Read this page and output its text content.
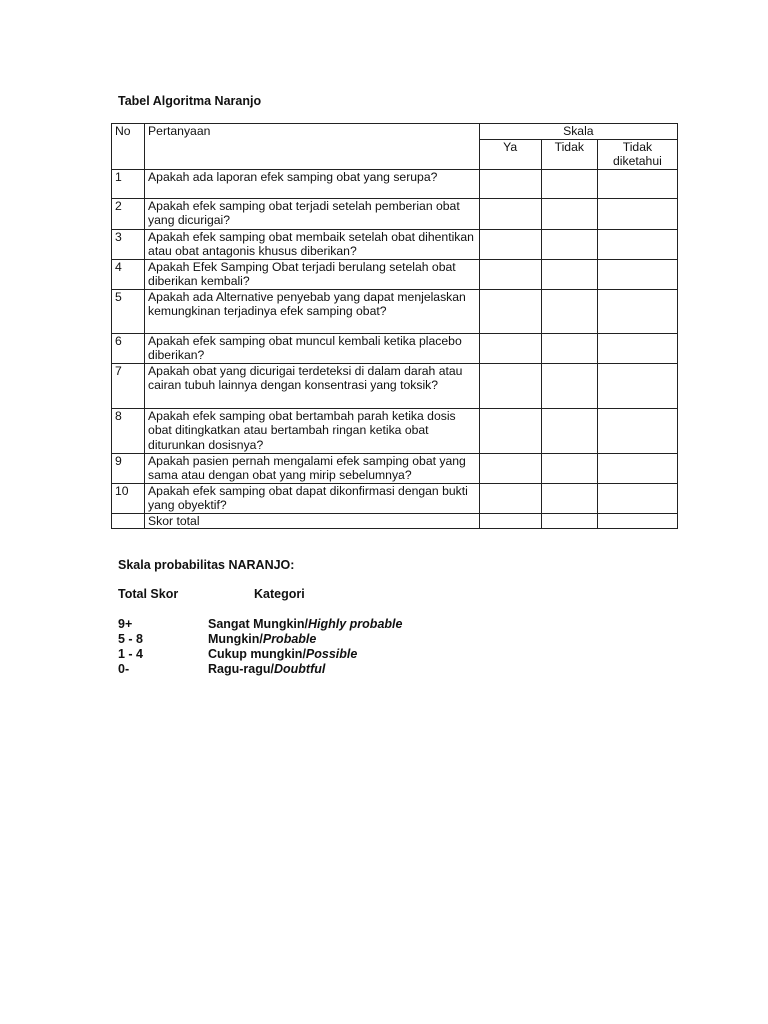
Tabel Algoritma Naranjo
No	Pertanyaan	Skala		
		Ya	Tidak	Tidak diketahui
1	Apakah ada laporan efek samping obat yang serupa?			
2	Apakah efek samping obat terjadi setelah pemberian obat yang dicurigai?			
3	Apakah efek samping obat membaik setelah obat dihentikan atau obat antagonis khusus diberikan?			
4	Apakah Efek Samping Obat terjadi berulang setelah obat diberikan kembali?			
5	Apakah ada Alternative penyebab yang dapat menjelaskan kemungkinan terjadinya efek samping obat?			
6	Apakah efek samping obat muncul kembali ketika placebo diberikan?			
7	Apakah obat yang dicurigai terdeteksi di dalam darah atau cairan tubuh lainnya dengan konsentrasi yang toksik?			
8	Apakah efek samping obat bertambah parah ketika dosis obat ditingkatkan atau bertambah ringan ketika obat diturunkan dosisnya?			
9	Apakah pasien pernah mengalami efek samping obat yang sama atau dengan obat yang mirip sebelumnya?			
10	Apakah efek samping obat dapat dikonfirmasi dengan bukti yang obyektif?			
	Skor total			
Skala probabilitas NARANJO:
Total Skor	Kategori
9+	Sangat Mungkin/Highly probable
5 - 8	Mungkin/Probable
1 - 4	Cukup mungkin/Possible
0-	Ragu-ragu/Doubtful
